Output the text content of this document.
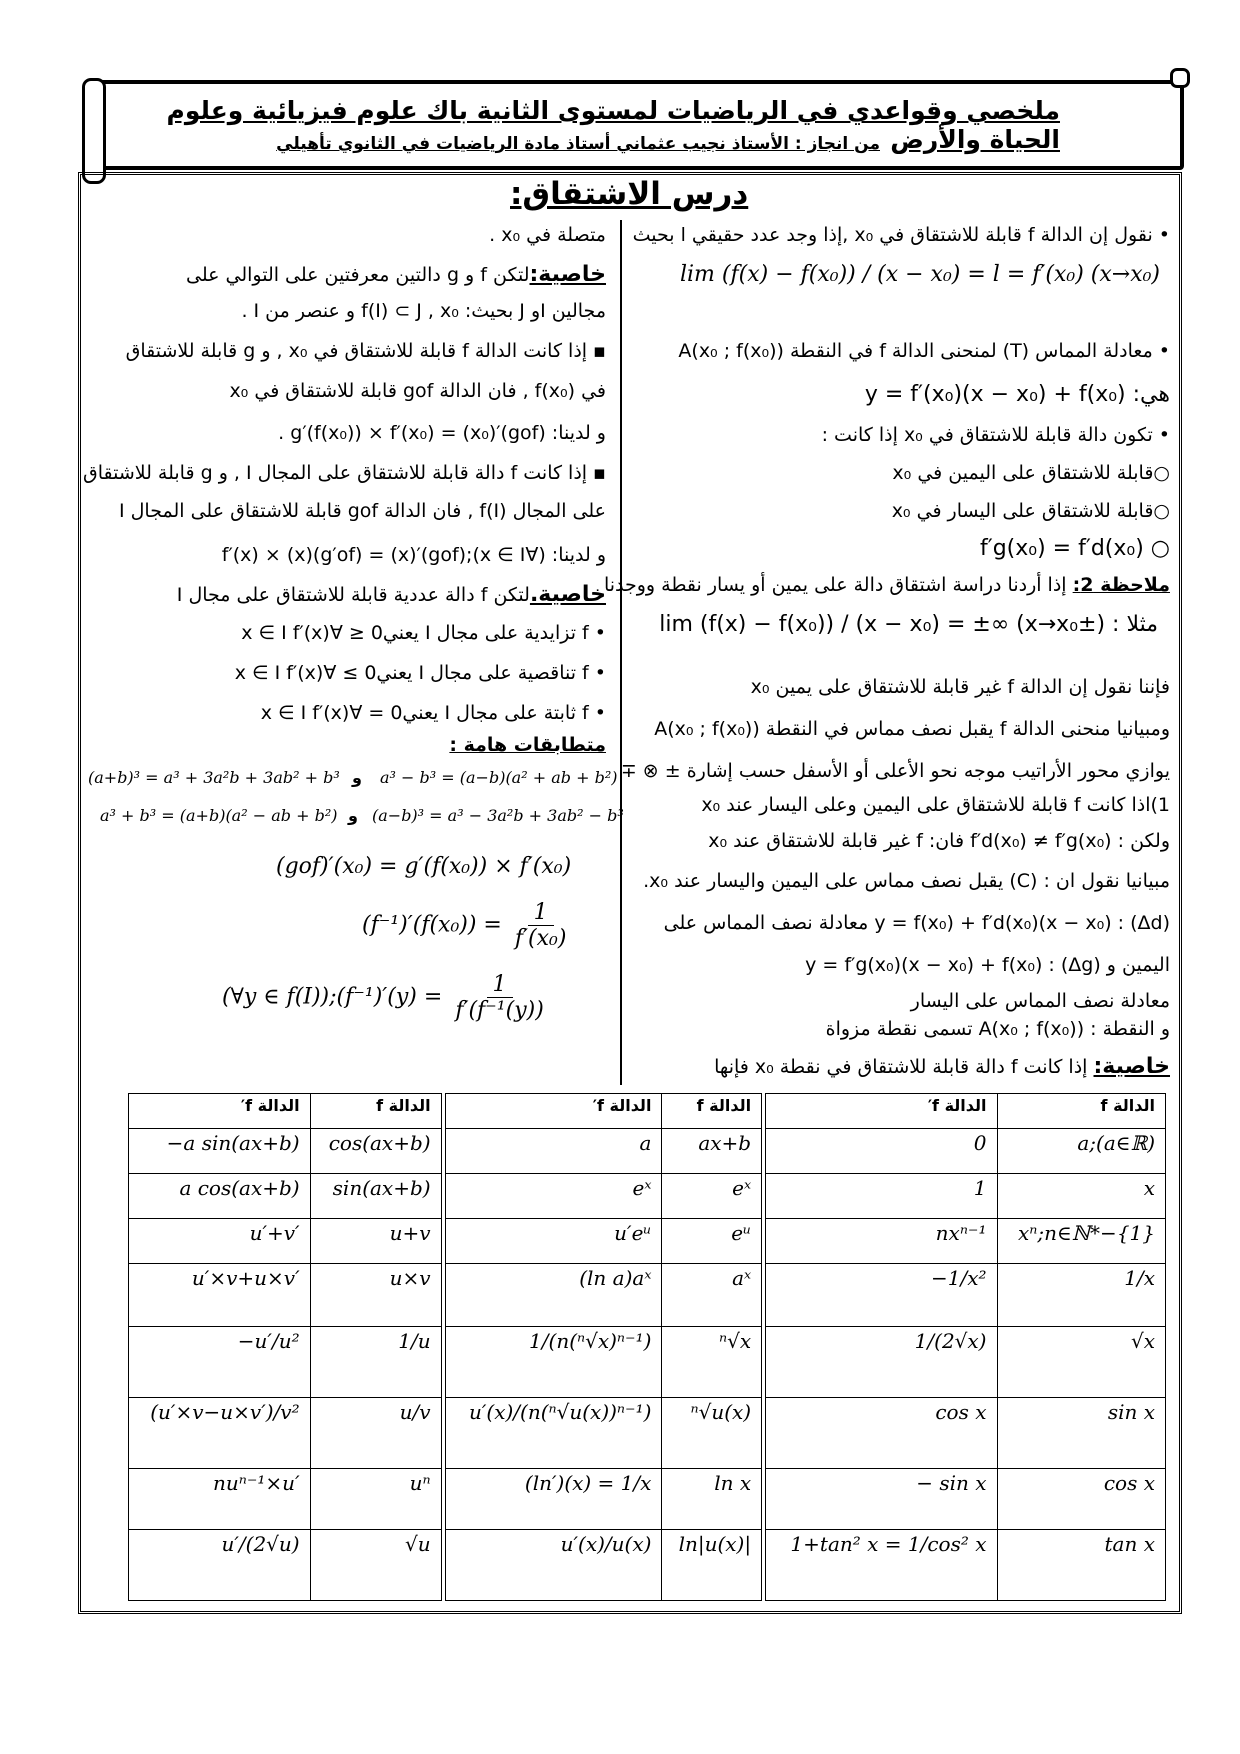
ملخصي وقواعدي في الرياضيات لمستوى الثانية باك علوم فيزيائية وعلوم الحياة والأرض
من انجاز : الأستاذ نجيب عثماني أستاذ مادة الرياضيات في الثانوي تأهيلي
درس الاشتقاق:
• نقول إن الدالة f قابلة للاشتقاق في x₀ ,إذا وجد عدد حقيقي l بحيث
lim (f(x) − f(x₀)) / (x − x₀) = l = f′(x₀) (x→x₀)
• معادلة المماس (T) لمنحنى الدالة f في النقطة A(x₀ ; f(x₀))
هي: y = f′(x₀)(x − x₀) + f(x₀)
• تكون دالة قابلة للاشتقاق في x₀ إذا كانت :
○قابلة للاشتقاق على اليمين في x₀
○قابلة للاشتقاق على اليسار في x₀
○ f′g(x₀) = f′d(x₀)
ملاحظة 2: إذا أردنا دراسة اشتقاق دالة على يمين أو يسار نقطة ووجدنا
مثلا : lim (f(x) − f(x₀)) / (x − x₀) = ±∞ (x→x₀±)
فإننا نقول إن الدالة f غير قابلة للاشتقاق على يمين x₀
ومبيانيا منحنى الدالة f يقبل نصف مماس في النقطة A(x₀ ; f(x₀))
يوازي محور الأراتيب موجه نحو الأعلى أو الأسفل حسب إشارة ± ⊗ ∓
1)اذا كانت f قابلة للاشتقاق على اليمين وعلى اليسار عند x₀
ولكن : f′d(x₀) ≠ f′g(x₀) فان: f غير قابلة للاشتقاق عند x₀
مبيانيا نقول ان : (C) يقبل نصف مماس على اليمين واليسار عند x₀.
(Δd) : y = f(x₀) + f′d(x₀)(x − x₀) معادلة نصف المماس على
اليمين و (Δg) : y = f′g(x₀)(x − x₀) + f(x₀)
معادلة نصف المماس على اليسار
و النقطة : A(x₀ ; f(x₀)) تسمى نقطة مزواة
خاصية: إذا كانت f دالة قابلة للاشتقاق في نقطة x₀ فإنها
متصلة في x₀ .
خاصية:لتكن f و g دالتين معرفتين على التوالي على
مجالين Iو J بحيث: f(I) ⊂ J , x₀ و عنصر من I .
▪ إذا كانت الدالة f قابلة للاشتقاق في x₀ , و g قابلة للاشتقاق
في f(x₀) , فان الدالة gof قابلة للاشتقاق في x₀
و لدينا: (gof)′(x₀) = g′(f(x₀)) × f′(x₀) .
▪ إذا كانت f دالة قابلة للاشتقاق على المجال I , و g قابلة للاشتقاق
على المجال f(I) , فان الدالة gof قابلة للاشتقاق على المجال I
و لدينا: (∀x ∈ I);(gof)′(x) = (g′of)(x) × f′(x)
خاصية.لتكن f دالة عددية قابلة للاشتقاق على مجال I
• f تزايدية على مجال I يعني0 ≤ ∀x ∈ I f′(x)
• f تناقصية على مجال I يعني0 ≥ ∀x ∈ I f′(x)
• f ثابتة على مجال I يعني0 = ∀x ∈ I f′(x)
متطابقات هامة :
(a+b)³ = a³ + 3a²b + 3ab² + b³ و a³ − b³ = (a−b)(a² + ab + b²)
a³ + b³ = (a+b)(a² − ab + b²) و (a−b)³ = a³ − 3a²b + 3ab² − b³
(gof)′(x₀) = g′(f(x₀)) × f′(x₀)
$(f^{-1})'(f(x_0)) = \frac{1}{\text{f′(x₀)}}$
(∀y ∈ f(I));(f⁻¹)′(y) = $\frac{1}{\text{f′(f⁻¹(y))}}$
الدالة f′	الدالة f		الدالة f′	الدالة f		الدالة f′	الدالة f
−a sin(ax+b)	cos(ax+b)		a	ax+b		0	a;(a∈ℝ)
a cos(ax+b)	sin(ax+b)		eˣ	eˣ		1	x
u′+v′	u+v		u′eᵘ	eᵘ		nxⁿ⁻¹	xⁿ;n∈ℕ*−{1}
u′×v+u×v′	u×v		(ln a)aˣ	aˣ		−1/x²	1/x
−u′/u²	1/u		1/(n(ⁿ√x)ⁿ⁻¹)	ⁿ√x		1/(2√x)	√x
(u′×v−u×v′)/v²	u/v		u′(x)/(n(ⁿ√u(x))ⁿ⁻¹)	ⁿ√u(x)		cos x	sin x
nuⁿ⁻¹×u′	uⁿ		(ln′)(x) = 1/x	ln x		− sin x	cos x
u′/(2√u)	√u		u′(x)/u(x)	ln|u(x)|		1+tan² x = 1/cos² x	tan x
